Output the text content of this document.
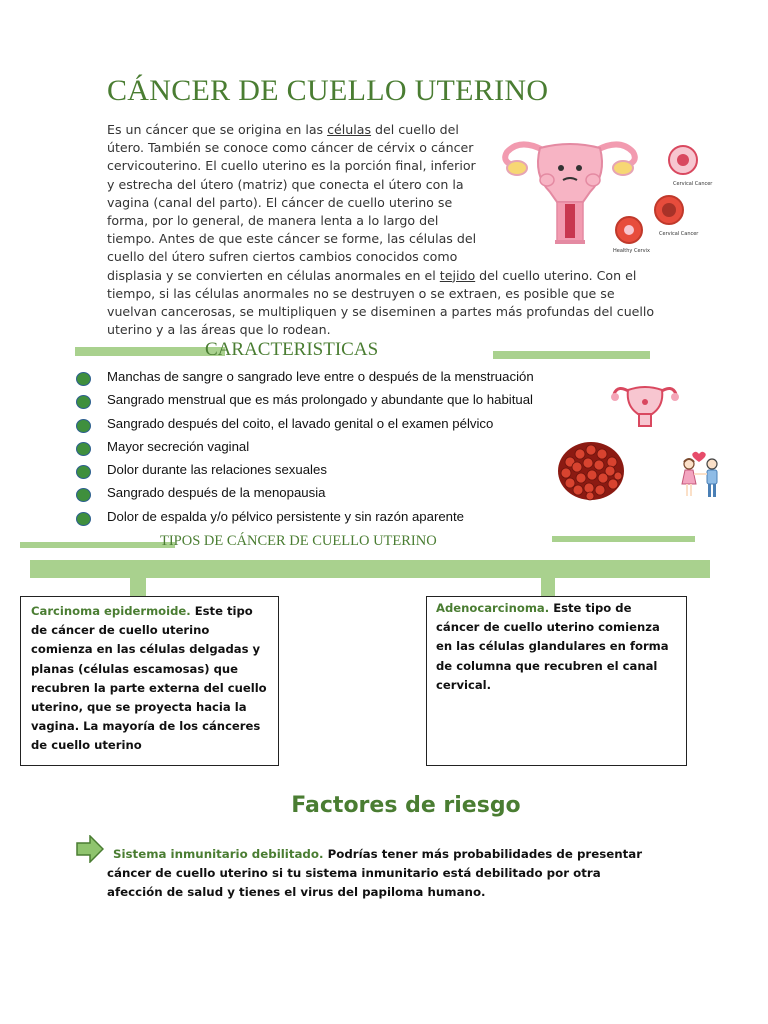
CÁNCER DE CUELLO UTERINO
Es un cáncer que se origina en las células del cuello del útero. También se conoce como cáncer de cérvix o cáncer cervicouterino. El cuello uterino es la porción final, inferior y estrecha del útero (matriz) que conecta el útero con la vagina (canal del parto). El cáncer de cuello uterino se forma, por lo general, de manera lenta a lo largo del tiempo. Antes de que este cáncer se forme, las células del cuello del útero sufren ciertos cambios conocidos como displasia y se convierten en células anormales en el tejido del cuello uterino. Con el tiempo, si las células anormales no se destruyen o se extraen, es posible que se vuelvan cancerosas, se multipliquen y se diseminen a partes más profundas del cuello uterino y a las áreas que lo rodean.
Cervical Cancer
Cervical Cancer
Healthy Cervix
CARACTERISTICAS
Manchas de sangre o sangrado leve entre o después de la menstruación
Sangrado menstrual que es más prolongado y abundante que lo habitual
Sangrado después del coito, el lavado genital o el examen pélvico
Mayor secreción vaginal
Dolor durante las relaciones sexuales
Sangrado después de la menopausia
Dolor de espalda y/o pélvico persistente y sin razón aparente
TIPOS DE CÁNCER DE CUELLO UTERINO
Carcinoma epidermoide. Este tipo de cáncer de cuello uterino comienza en las células delgadas y planas (células escamosas) que recubren la parte externa del cuello uterino, que se proyecta hacia la vagina. La mayoría de los cánceres de cuello uterino
Adenocarcinoma. Este tipo de cáncer de cuello uterino comienza en las células glandulares en forma de columna que recubren el canal cervical.
Factores de riesgo
Sistema inmunitario debilitado. Podrías tener más probabilidades de presentar cáncer de cuello uterino si tu sistema inmunitario está debilitado por otra afección de salud y tienes el virus del papiloma humano.
